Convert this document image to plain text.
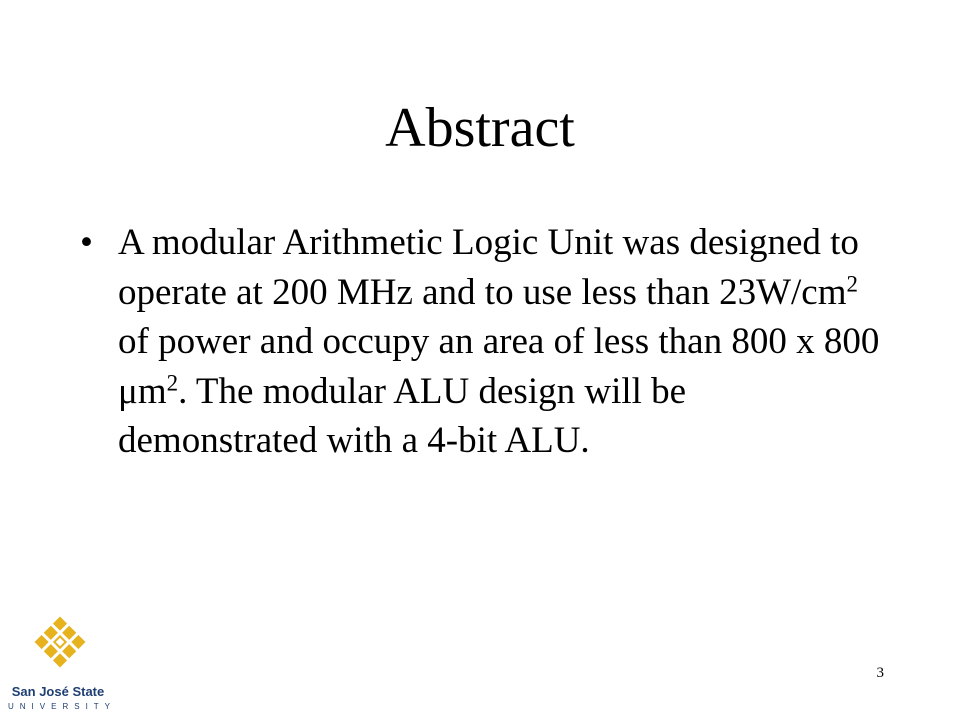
Abstract
• A modular Arithmetic Logic Unit was designed to operate at 200 MHz and to use less than $23W/cm^2$ of power and occupy an area of less than 800 x 800 $\mu m^2$. The modular ALU design will be demonstrated with a 4-bit ALU.
3
San José State
UNIVERSITY
